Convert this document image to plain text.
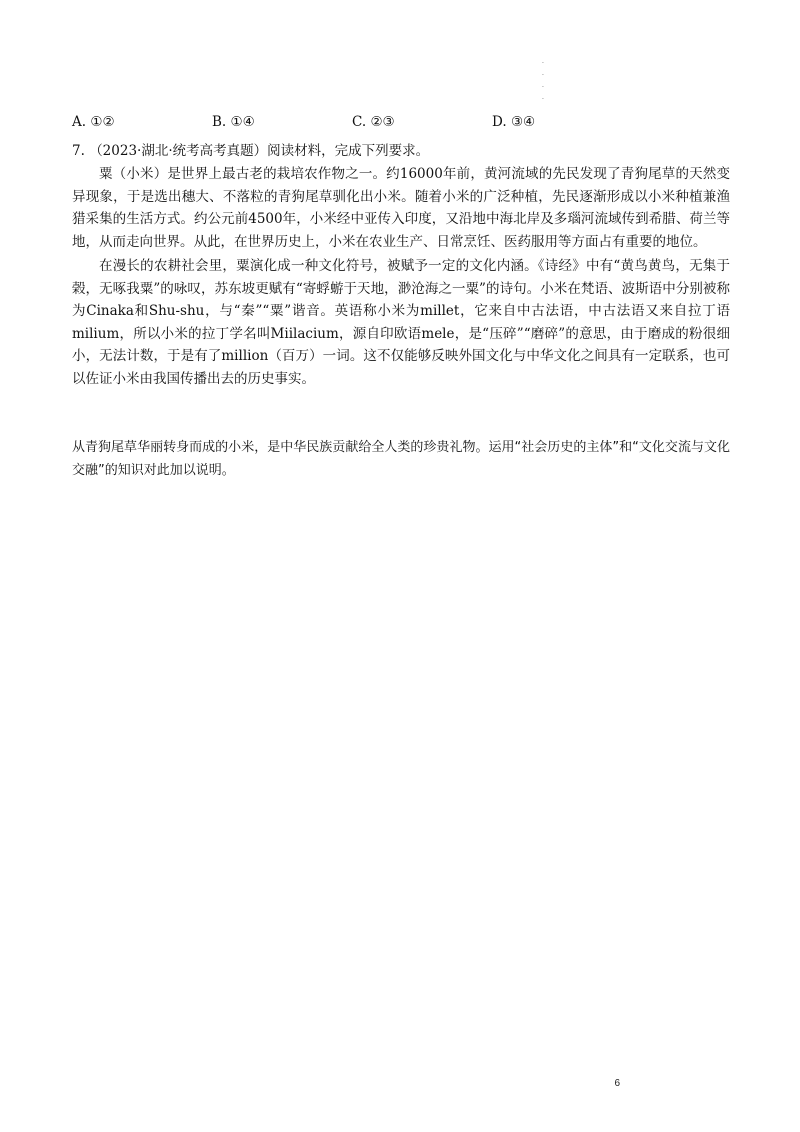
.
.
.
.
A. ①②	B. ①④	C. ②③	D. ③④
7. （2023·湖北·统考高考真题）阅读材料，完成下列要求。

粟（小米）是世界上最古老的栽培农作物之一。约16000年前，黄河流域的先民发现了青狗尾草的天然变异现象，于是选出穗大、不落粒的青狗尾草驯化出小米。随着小米的广泛种植，先民逐渐形成以小米种植兼渔猎采集的生活方式。约公元前4500年，小米经中亚传入印度，又沿地中海北岸及多瑙河流域传到希腊、荷兰等地，从而走向世界。从此，在世界历史上，小米在农业生产、日常烹饪、医药服用等方面占有重要的地位。

在漫长的农耕社会里，粟演化成一种文化符号，被赋予一定的文化内涵。《诗经》中有“黄鸟黄鸟，无集于榖，无啄我粟”的咏叹，苏东坡更赋有“寄蜉蝣于天地，渺沧海之一粟”的诗句。小米在梵语、波斯语中分别被称为Cinaka和Shu-shu，与“秦”“粟”谐音。英语称小米为millet，它来自中古法语，中古法语又来自拉丁语milium，所以小米的拉丁学名叫Miilacium，源自印欧语mele，是“压碎”“磨碎”的意思，由于磨成的粉很细小，无法计数，于是有了million（百万）一词。这不仅能够反映外国文化与中华文化之间具有一定联系，也可以佐证小米由我国传播出去的历史事实。

从青狗尾草华丽转身而成的小米，是中华民族贡献给全人类的珍贵礼物。运用“社会历史的主体”和“文化交流与文化交融”的知识对此加以说明。
6
